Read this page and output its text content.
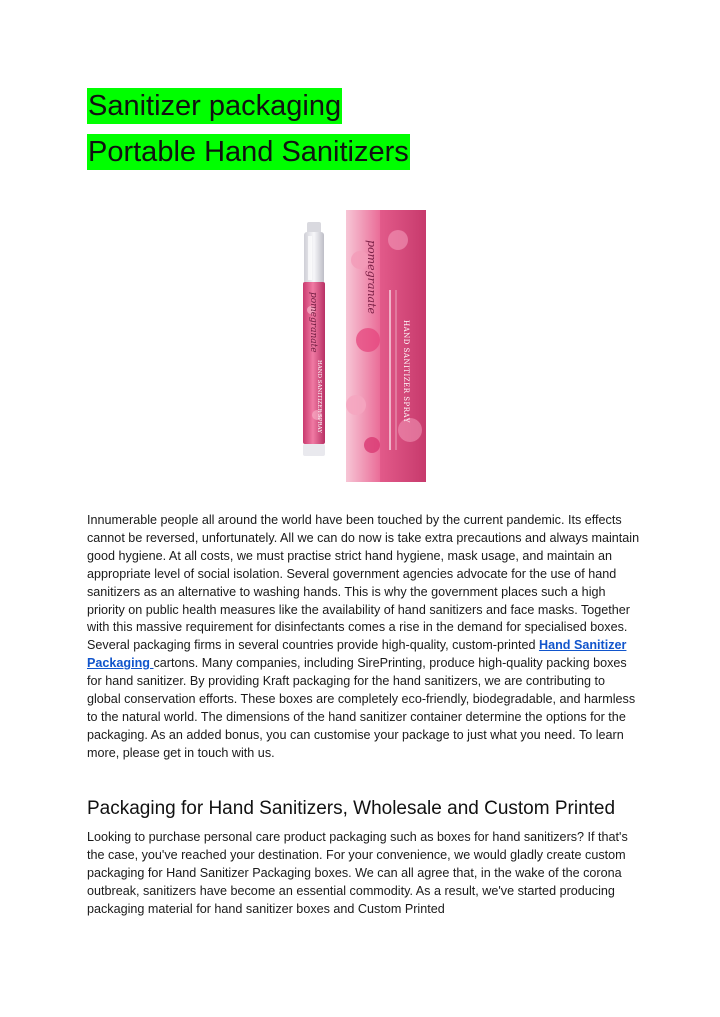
Sanitizer packaging
Portable Hand Sanitizers
pomegranate
HAND SANITIZER SPRAY
pomegranate
HAND SANITIZER SPRAY

Innumerable people all around the world have been touched by the current pandemic. Its effects cannot be reversed, unfortunately. All we can do now is take extra precautions and always maintain good hygiene. At all costs, we must practise strict hand hygiene, mask usage, and maintain an appropriate level of social isolation. Several government agencies advocate for the use of hand sanitizers as an alternative to washing hands. This is why the government places such a high priority on public health measures like the availability of hand sanitizers and face masks. Together with this massive requirement for disinfectants comes a rise in the demand for specialised boxes. Several packaging firms in several countries provide high-quality, custom-printed Hand Sanitizer Packaging cartons. Many companies, including SirePrinting, produce high-quality packing boxes for hand sanitizer. By providing Kraft packaging for the hand sanitizers, we are contributing to global conservation efforts. These boxes are completely eco-friendly, biodegradable, and harmless to the natural world. The dimensions of the hand sanitizer container determine the options for the packaging. As an added bonus, you can customise your package to just what you need. To learn more, please get in touch with us.

Packaging for Hand Sanitizers, Wholesale and Custom Printed

Looking to purchase personal care product packaging such as boxes for hand sanitizers? If that's the case, you've reached your destination. For your convenience, we would gladly create custom packaging for Hand Sanitizer Packaging boxes. We can all agree that, in the wake of the corona outbreak, sanitizers have become an essential commodity. As a result, we've started producing packaging material for hand sanitizer boxes and Custom Printed
